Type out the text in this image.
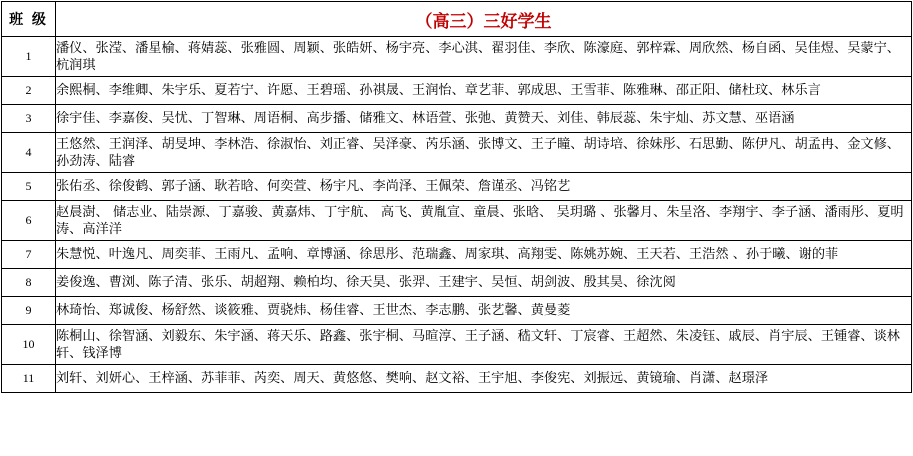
班 级	（高三）三好学生
1	潘仪、张滢、潘星榆、蒋婧蕊、张雅圆、周颖、张皓妍、杨宇亮、李心淇、翟羽佳、李欣、陈濠庭、郭梓霖、周欣然、杨自函、吴佳煜、吴蒙宁、杭润琪
2	余熙桐、李维卿、朱宇乐、夏若宁、许愿、王碧瑶、孙祺晟、王润怡、章艺菲、郭成思、王雪菲、陈雅琳、邵正阳、储杜玟、林乐言
3	徐宇佳、李嘉俊、吴忧、丁智琳、周语桐、高步播、储雅文、林语萱、张弛、黄赞天、刘佳、韩辰蕊、朱宇灿、苏文慧、巫语涵
4	王悠然、王润泽、胡旻坤、李林浩、徐淑怡、刘正睿、吴泽豪、芮乐涵、张博文、王子瞳、胡诗培、徐妹彤、石思勤、陈伊凡、胡孟冉、金文修、孙劲涛、陆睿
5	张佑丞、徐俊鹤、郭子涵、耿若晗、何奕萱、杨宇凡、李尚泽、王佩荣、詹谨丞、冯铭艺
6	赵晨澍、 储志业、陆崇源、丁嘉骏、黄嘉炜、丁宇航、 高飞、黄胤宣、童晨、张晗、 吴玥璐 、张馨月、朱呈洛、李翔宇、李子涵、潘雨彤、夏明涛、高洋洋
7	朱慧悦、叶逸凡、周奕菲、王雨凡、孟响、章博涵、徐思彤、范瑞鑫、周家琪、高翔雯、陈姚苏婉、王天若、王浩然 、孙于曦、谢的菲
8	姜俊逸、曹浏、陈子清、张乐、胡超翔、赖柏均、徐天昊、张羿、王建宇、吴恒、胡剑波、殷其昊、徐沈阅
9	林琦怡、郑诚俊、杨舒然、谈筱雅、贾骁炜、杨佳睿、王世杰、李志鹏、张艺馨、黄曼菱
10	陈桐山、徐智涵、刘毅东、朱宇涵、蒋天乐、路鑫、张宇桐、马暄淳、王子涵、嵇文轩、丁宸睿、王超然、朱凌钰、戚辰、肖宇辰、王锺睿、谈林轩、钱泽博
11	刘轩、刘妍心、王梓涵、苏菲菲、芮奕、周天、黄悠悠、樊响、赵文裕、王宇旭、李俊宪、刘振远、黄镜瑜、肖潇、赵璟泽
